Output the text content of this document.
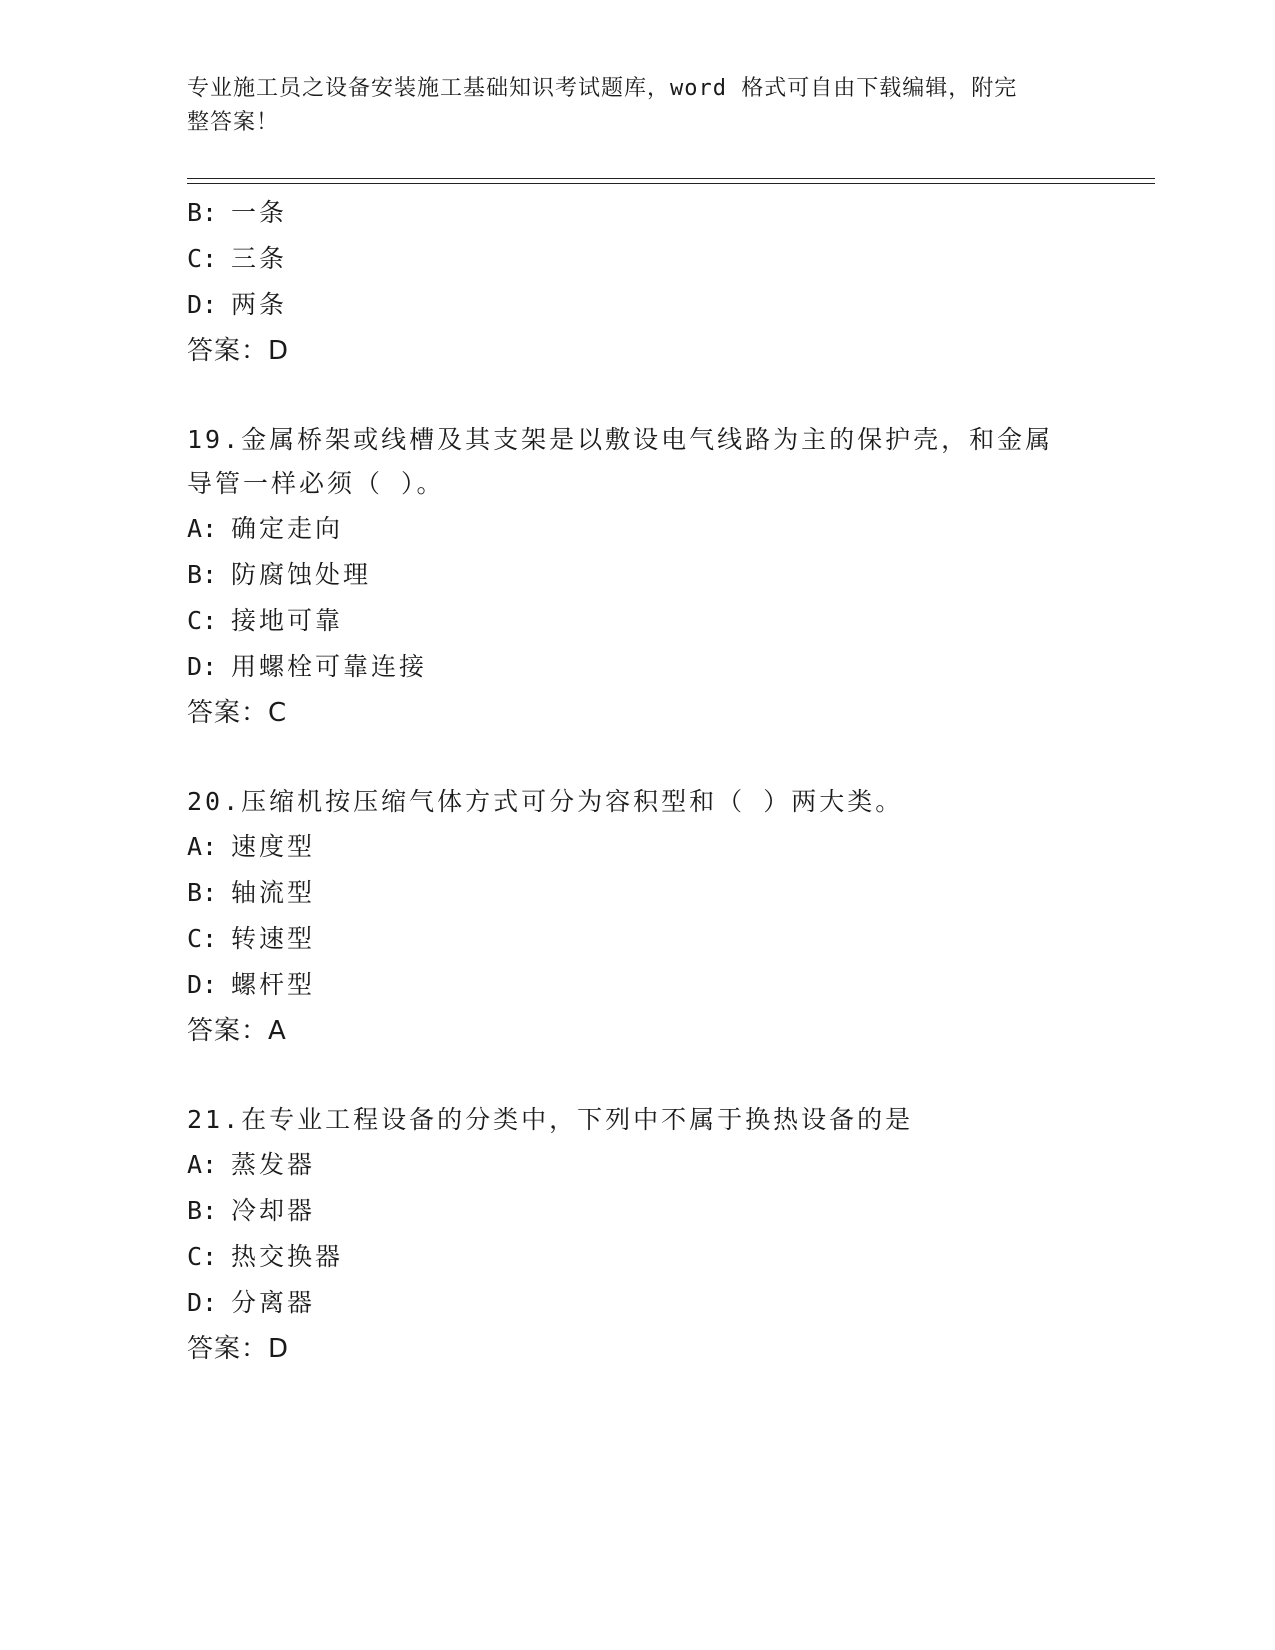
专业施工员之设备安装施工基础知识考试题库，word 格式可自由下载编辑，附完
整答案！
B: 一条
C: 三条
D: 两条
答案：D
19.金属桥架或线槽及其支架是以敷设电气线路为主的保护壳，和金属
导管一样必须（ ）。
A: 确定走向
B: 防腐蚀处理
C: 接地可靠
D: 用螺栓可靠连接
答案：C
20.压缩机按压缩气体方式可分为容积型和（ ）两大类。
A: 速度型
B: 轴流型
C: 转速型
D: 螺杆型
答案：A
21.在专业工程设备的分类中，下列中不属于换热设备的是
A: 蒸发器
B: 冷却器
C: 热交换器
D: 分离器
答案：D
